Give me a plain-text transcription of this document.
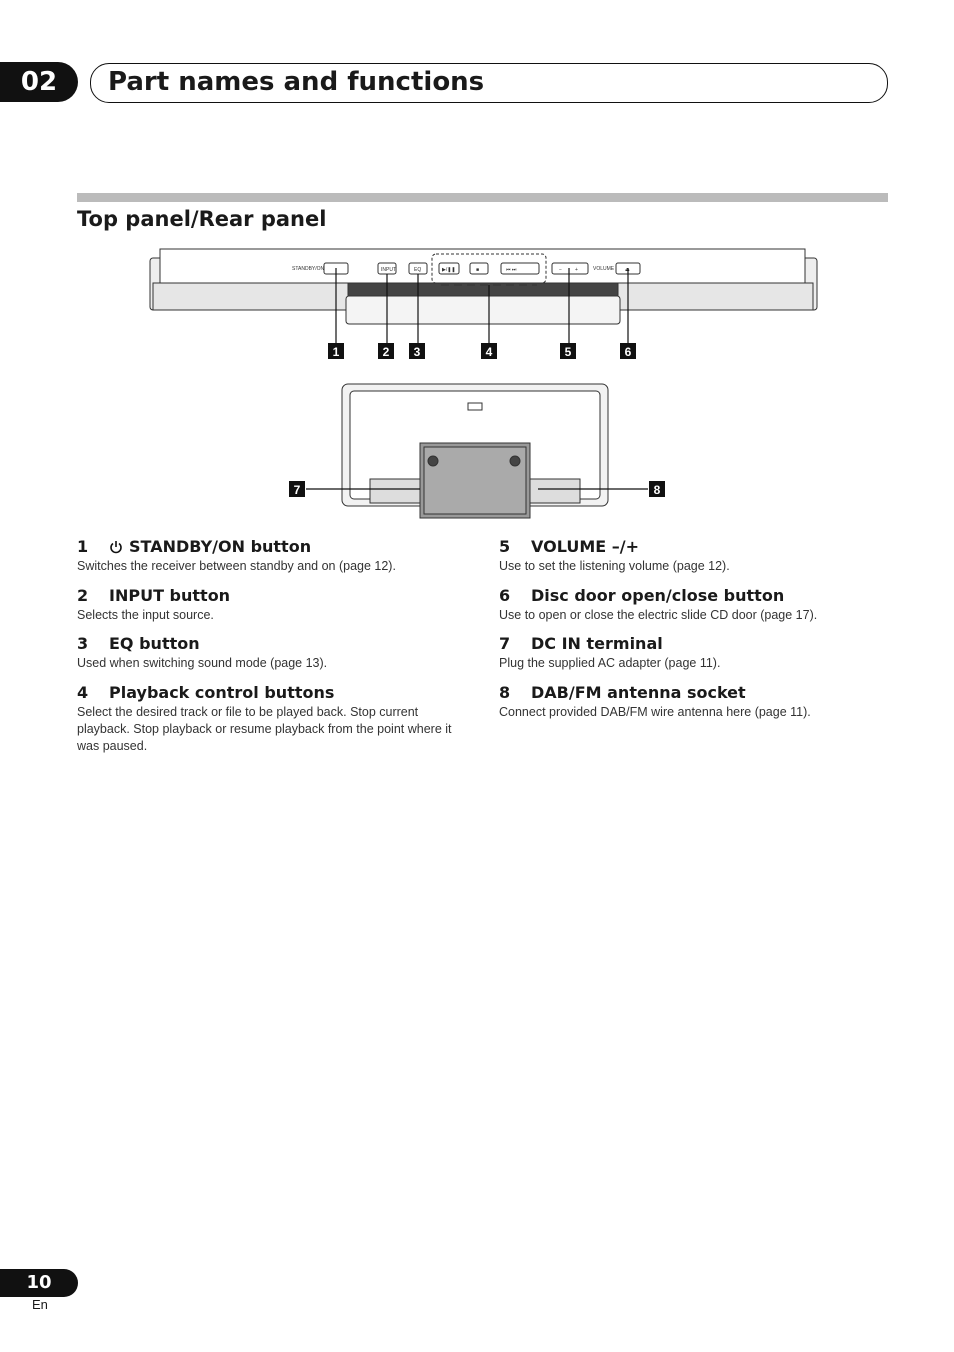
02	Part names and functions
Top panel/Rear panel
STANDBY/ON	INPUT	EQ	▶/❚❚	■	⏮ ⏭	−	+	VOLUME ⏏
1	2 3	4	5	6
7	8
1	STANDBY/ON button

Switches the receiver between standby and on (page 12).

2 INPUT button

Selects the input source.

3 EQ button

Used when switching sound mode (page 13).

4 Playback control buttons

Select the desired track or file to be played back. Stop current playback. Stop playback or resume playback from the point where it was paused.

5 VOLUME –/+

Use to set the listening volume (page 12).

6 Disc door open/close button

Use to open or close the electric slide CD door (page 17).

7 DC IN terminal

Plug the supplied AC adapter (page 11).

8 DAB/FM antenna socket

Connect provided DAB/FM wire antenna here (page 11).

10
En
